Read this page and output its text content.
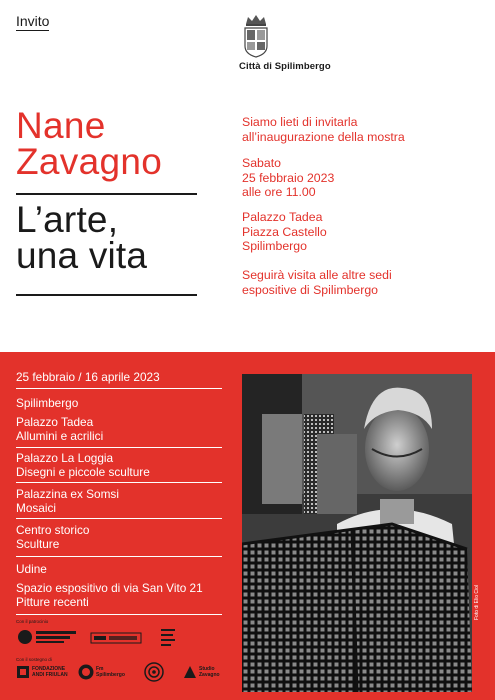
Invito
Città di Spilimbergo
Nane
Zavagno
L’arte,
una vita
Siamo lieti di invitarla
all’inaugurazione della mostra
Sabato
25 febbraio 2023
alle ore 11.00
Palazzo Tadea
Piazza Castello
Spilimbergo
Seguirà visita alle altre sedi
espositive di Spilimbergo
25 febbraio / 16 aprile 2023
Spilimbergo
Palazzo Tadea
Allumini e acrilici
Palazzo La Loggia
Disegni e piccole sculture
Palazzina ex Somsi
Mosaici
Centro storico
Sculture
Udine
Spazio espositivo di via San Vito 21
Pitture recenti
Con il patrocinio
Con il sostegno di
FONDAZIONE
ANDI FRIULAN
Fm
Spilimbergo
Studio
Zavagno
Foto di Elio Ciol
